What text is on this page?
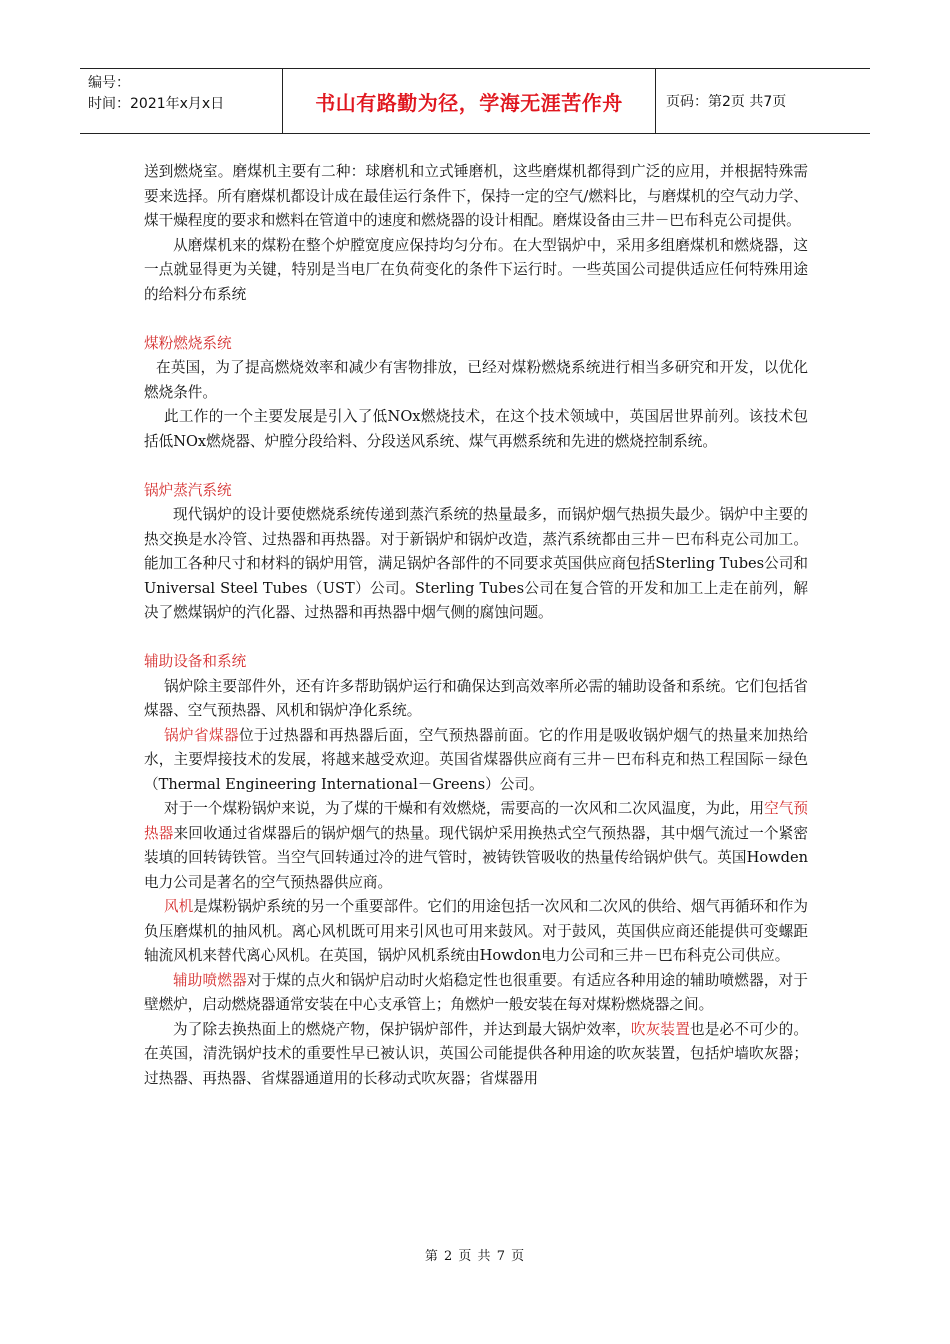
编号：
时间：2021年x月x日	书山有路勤为径，学海无涯苦作舟	页码：第2页 共7页

送到燃烧室。磨煤机主要有二种：球磨机和立式锤磨机，这些磨煤机都得到广泛的应用，并根据特殊需要来选择。所有磨煤机都设计成在最佳运行条件下，保持一定的空气/燃料比，与磨煤机的空气动力学、煤干燥程度的要求和燃料在管道中的速度和燃烧器的设计相配。磨煤设备由三井－巴布科克公司提供。

从磨煤机来的煤粉在整个炉膛宽度应保持均匀分布。在大型锅炉中，采用多组磨煤机和燃烧器，这一点就显得更为关键，特别是当电厂在负荷变化的条件下运行时。一些英国公司提供适应任何特殊用途的给料分布系统

煤粉燃烧系统

在英国，为了提高燃烧效率和减少有害物排放，已经对煤粉燃烧系统进行相当多研究和开发，以优化燃烧条件。

此工作的一个主要发展是引入了低NOx燃烧技术，在这个技术领域中，英国居世界前列。该技术包括低NOx燃烧器、炉膛分段给料、分段送风系统、煤气再燃系统和先进的燃烧控制系统。

锅炉蒸汽系统

现代锅炉的设计要使燃烧系统传递到蒸汽系统的热量最多，而锅炉烟气热损失最少。锅炉中主要的热交换是水冷管、过热器和再热器。对于新锅炉和锅炉改造，蒸汽系统都由三井－巴布科克公司加工。能加工各种尺寸和材料的锅炉用管，满足锅炉各部件的不同要求英国供应商包括Sterling Tubes公司和Universal Steel Tubes（UST）公司。Sterling Tubes公司在复合管的开发和加工上走在前列，解决了燃煤锅炉的汽化器、过热器和再热器中烟气侧的腐蚀问题。

辅助设备和系统

锅炉除主要部件外，还有许多帮助锅炉运行和确保达到高效率所必需的辅助设备和系统。它们包括省煤器、空气预热器、风机和锅炉净化系统。

锅炉省煤器位于过热器和再热器后面，空气预热器前面。它的作用是吸收锅炉烟气的热量来加热给水，主要焊接技术的发展，将越来越受欢迎。英国省煤器供应商有三井－巴布科克和热工程国际－绿色（Thermal Engineering International－Greens）公司。

对于一个煤粉锅炉来说，为了煤的干燥和有效燃烧，需要高的一次风和二次风温度，为此，用空气预热器来回收通过省煤器后的锅炉烟气的热量。现代锅炉采用换热式空气预热器，其中烟气流过一个紧密装填的回转铸铁管。当空气回转通过冷的进气管时，被铸铁管吸收的热量传给锅炉供气。英国Howden电力公司是著名的空气预热器供应商。

风机是煤粉锅炉系统的另一个重要部件。它们的用途包括一次风和二次风的供给、烟气再循环和作为负压磨煤机的抽风机。离心风机既可用来引风也可用来鼓风。对于鼓风，英国供应商还能提供可变螺距轴流风机来替代离心风机。在英国，锅炉风机系统由Howdon电力公司和三井－巴布科克公司供应。

辅助喷燃器对于煤的点火和锅炉启动时火焰稳定性也很重要。有适应各种用途的辅助喷燃器，对于壁燃炉，启动燃烧器通常安装在中心支承管上；角燃炉一般安装在每对煤粉燃烧器之间。

为了除去换热面上的燃烧产物，保护锅炉部件，并达到最大锅炉效率，吹灰装置也是必不可少的。在英国，清洗锅炉技术的重要性早已被认识，英国公司能提供各种用途的吹灰装置，包括炉墙吹灰器；过热器、再热器、省煤器通道用的长移动式吹灰器；省煤器用

第 2 页 共 7 页
